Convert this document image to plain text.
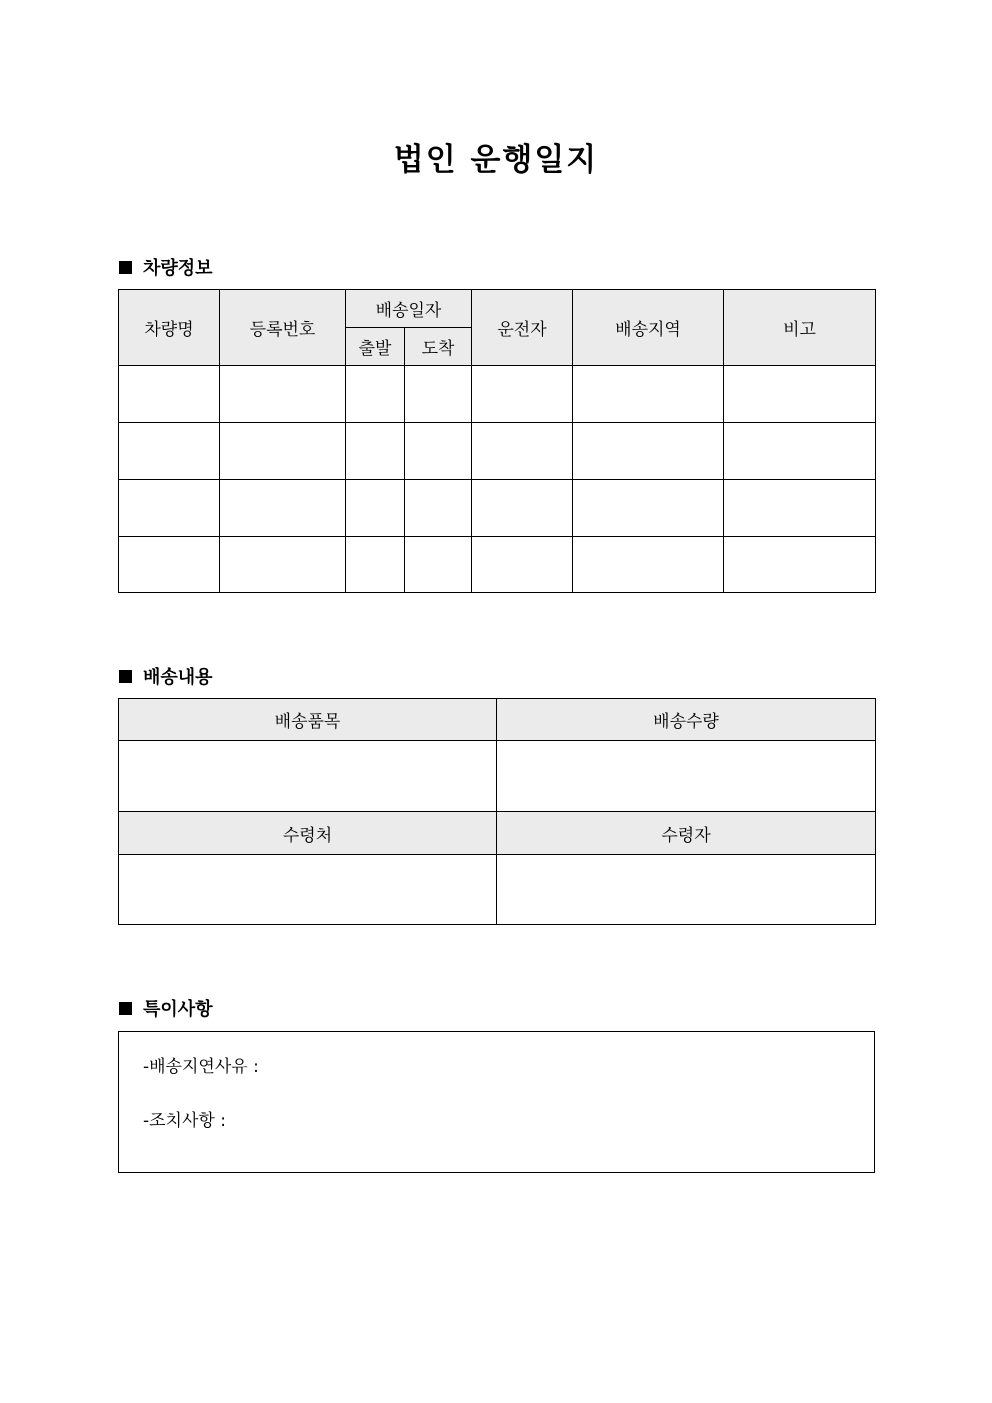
법인 운행일지
차량정보
차량명	등록번호	배송일자		운전자	배송지역	비고
		출발	도착			

배송내용
배송품목	배송수량

수령처	수령자

특이사항
-배송지연사유 :
-조치사항 :
